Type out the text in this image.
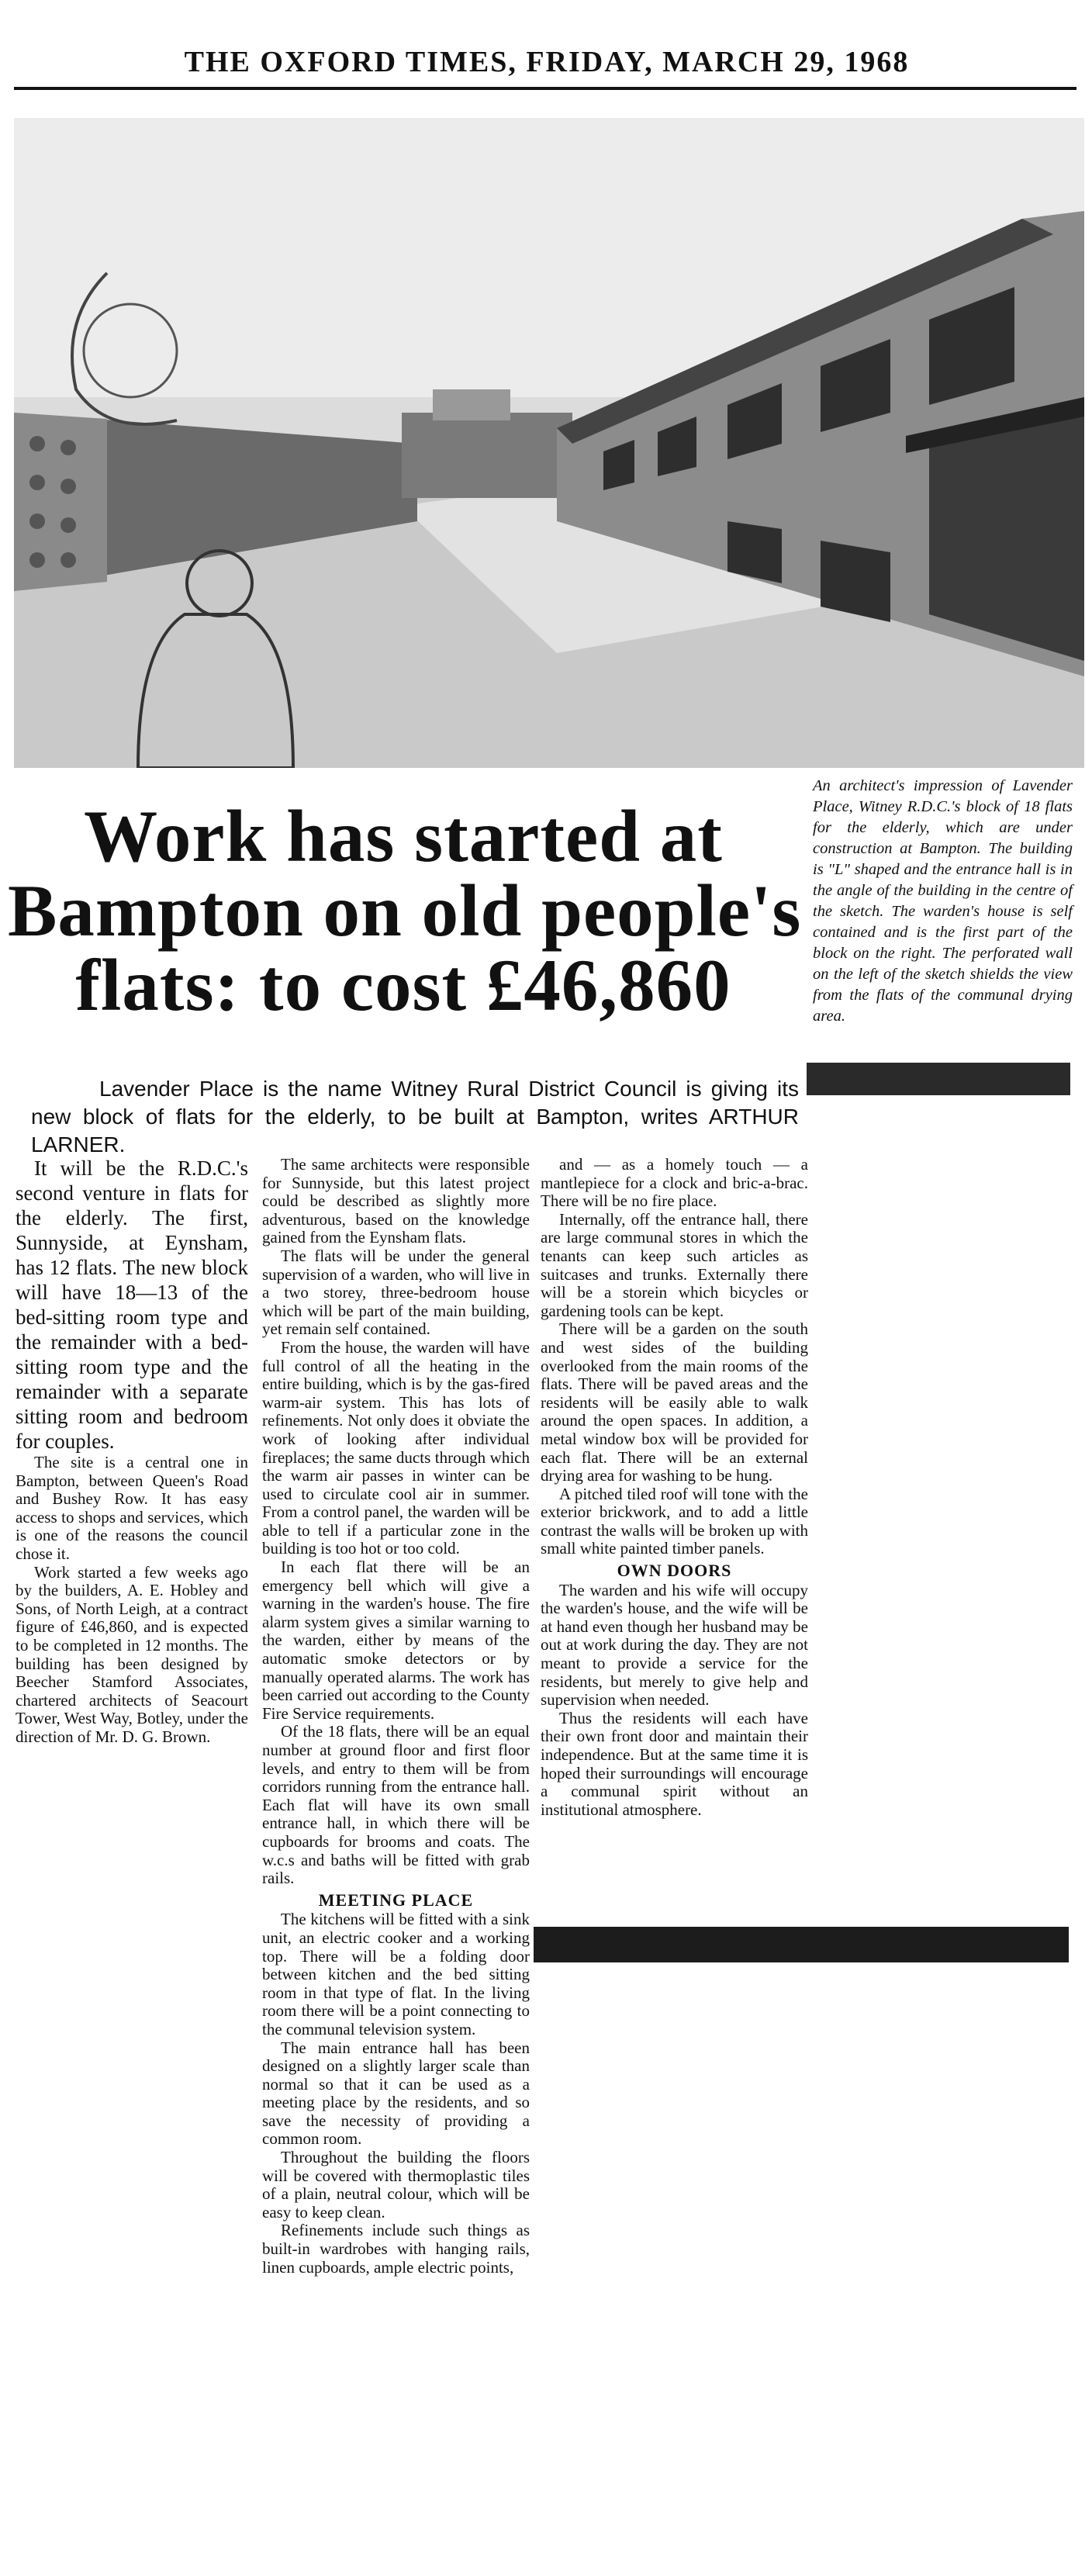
THE OXFORD TIMES, FRIDAY, MARCH 29, 1968
Work has started at
Bampton on old people's
flats: to cost £46,860
An architect's impression of Lavender Place, Witney R.D.C.'s block of 18 flats for the elderly, which are under construction at Bampton. The building is "L" shaped and the entrance hall is in the angle of the building in the centre of the sketch. The warden's house is self contained and is the first part of the block on the right. The perforated wall on the left of the sketch shields the view from the flats of the communal drying area.
Lavender Place is the name Witney Rural District Council is giving its new block of flats for the elderly, to be built at Bampton, writes ARTHUR LARNER.

It will be the R.D.C.'s second venture in flats for the elderly. The first, Sunnyside, at Eynsham, has 12 flats. The new block will have 18—13 of the bed-sitting room type and the remainder with a bed-sitting room type and the remainder with a separate sitting room and bedroom for couples.

The site is a central one in Bampton, between Queen's Road and Bushey Row. It has easy access to shops and services, which is one of the reasons the council chose it.

Work started a few weeks ago by the builders, A. E. Hobley and Sons, of North Leigh, at a contract figure of £46,860, and is expected to be completed in 12 months. The building has been designed by Beecher Stamford Associates, chartered architects of Seacourt Tower, West Way, Botley, under the direction of Mr. D. G. Brown.

The same architects were responsible for Sunnyside, but this latest project could be described as slightly more adventurous, based on the knowledge gained from the Eynsham flats.

The flats will be under the general supervision of a warden, who will live in a two storey, three-bedroom house which will be part of the main building, yet remain self contained.

From the house, the warden will have full control of all the heating in the entire building, which is by the gas-fired warm-air system. This has lots of refinements. Not only does it obviate the work of looking after individual fireplaces; the same ducts through which the warm air passes in winter can be used to circulate cool air in summer. From a control panel, the warden will be able to tell if a particular zone in the building is too hot or too cold.

In each flat there will be an emergency bell which will give a warning in the warden's house. The fire alarm system gives a similar warning to the warden, either by means of the automatic smoke detectors or by manually operated alarms. The work has been carried out according to the County Fire Service requirements.

Of the 18 flats, there will be an equal number at ground floor and first floor levels, and entry to them will be from corridors running from the entrance hall. Each flat will have its own small entrance hall, in which there will be cupboards for brooms and coats. The w.c.s and baths will be fitted with grab rails.

MEETING PLACE

The kitchens will be fitted with a sink unit, an electric cooker and a working top. There will be a folding door between kitchen and the bed sitting room in that type of flat. In the living room there will be a point connecting to the communal television system.

The main entrance hall has been designed on a slightly larger scale than normal so that it can be used as a meeting place by the residents, and so save the necessity of providing a common room.

Throughout the building the floors will be covered with thermoplastic tiles of a plain, neutral colour, which will be easy to keep clean.

Refinements include such things as built-in wardrobes with hanging rails, linen cupboards, ample electric points,

and — as a homely touch — a mantlepiece for a clock and bric-a-brac. There will be no fire place.

Internally, off the entrance hall, there are large communal stores in which the tenants can keep such articles as suitcases and trunks. Externally there will be a storein which bicycles or gardening tools can be kept.

There will be a garden on the south and west sides of the building overlooked from the main rooms of the flats. There will be paved areas and the residents will be easily able to walk around the open spaces. In addition, a metal window box will be provided for each flat. There will be an external drying area for washing to be hung.

A pitched tiled roof will tone with the exterior brickwork, and to add a little contrast the walls will be broken up with small white painted timber panels.

OWN DOORS

The warden and his wife will occupy the warden's house, and the wife will be at hand even though her husband may be out at work during the day. They are not meant to provide a service for the residents, but merely to give help and supervision when needed.

Thus the residents will each have their own front door and maintain their independence. But at the same time it is hoped their surroundings will encourage a communal spirit without an institutional atmosphere.
